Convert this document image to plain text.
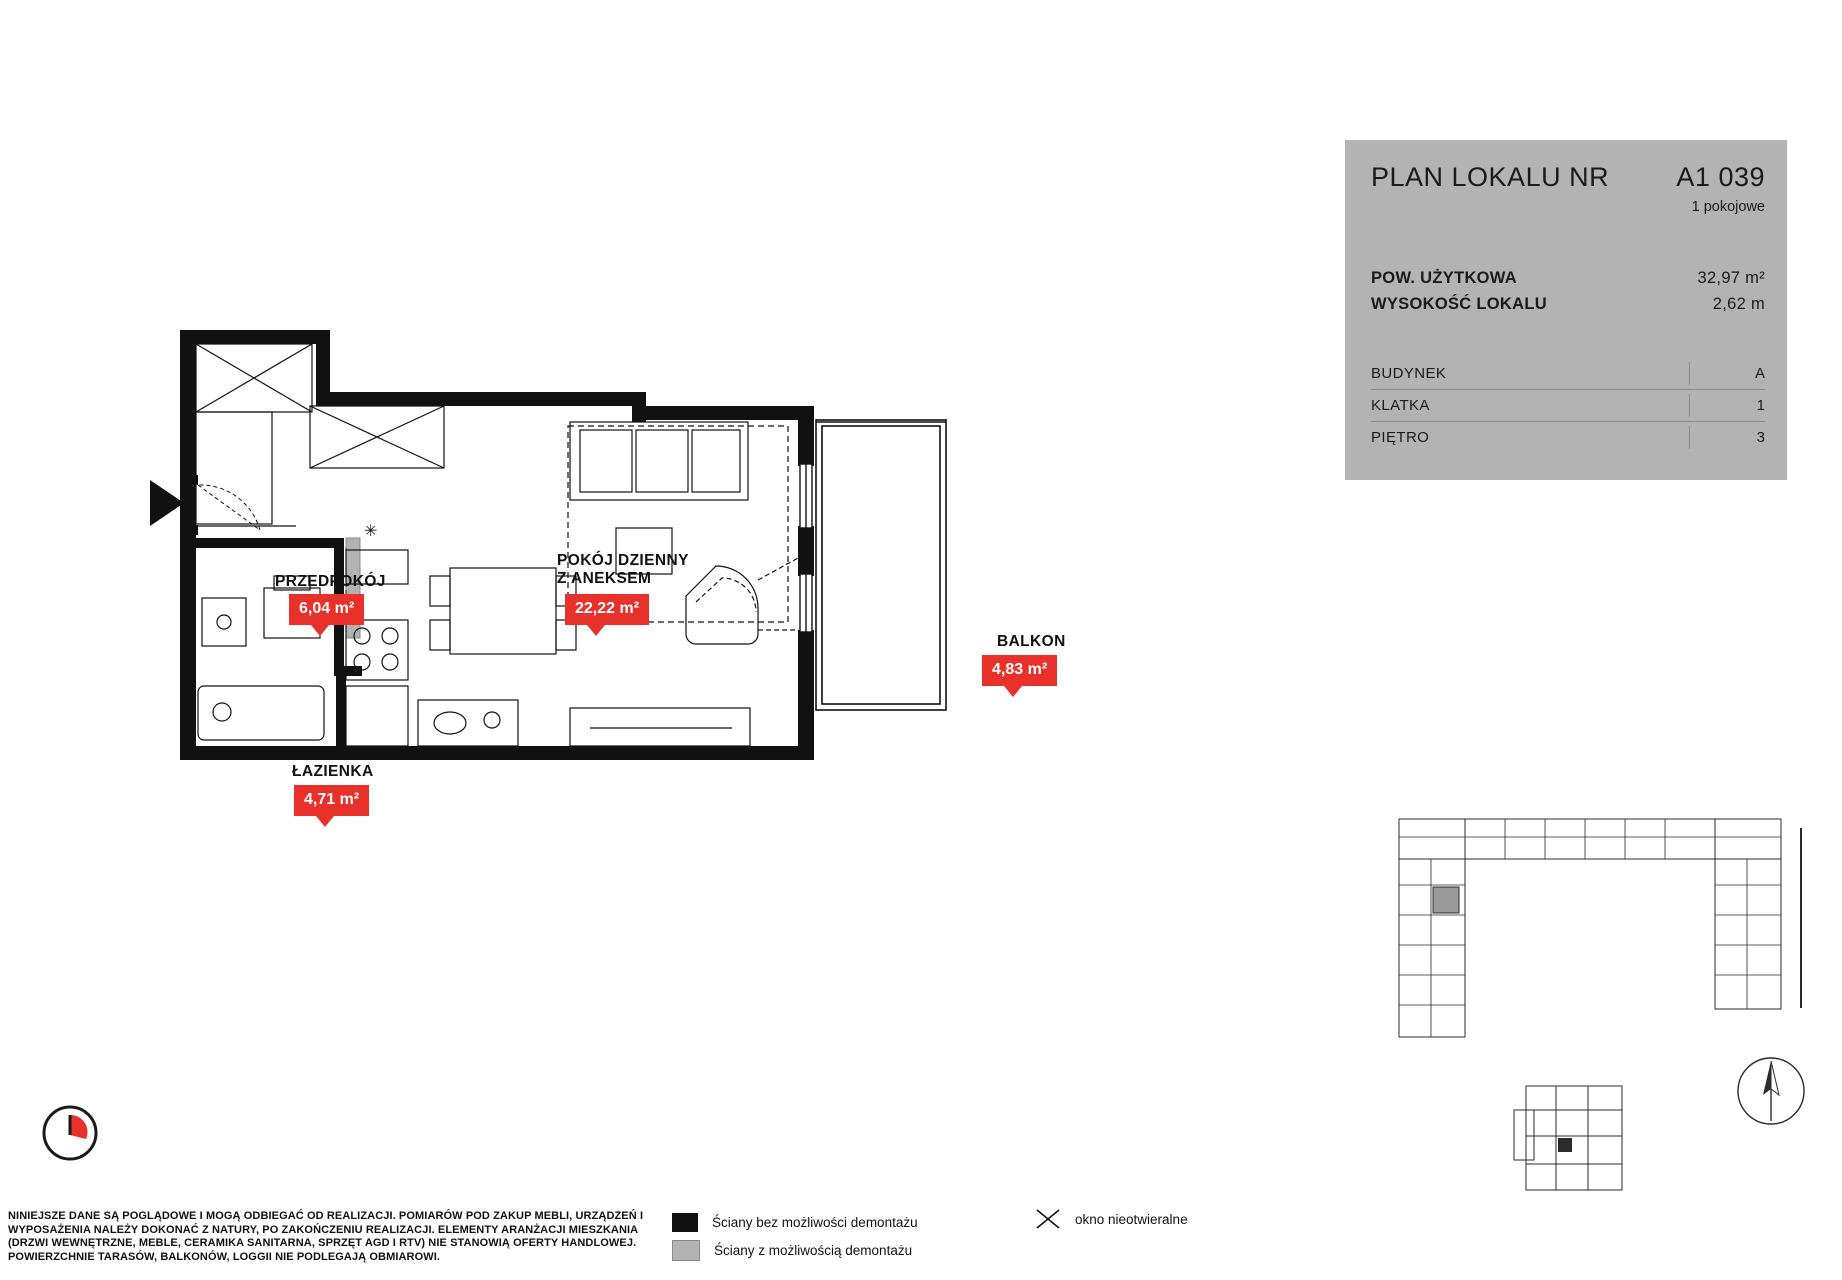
PLAN LOKALU NR A1 039
1 pokojowe
POW. UŻYTKOWA	32,97 m²
WYSOKOŚĆ LOKALU	2,62 m
BUDYNEK	A
KLATKA	1
PIĘTRO	3
✳
PRZEDPOKÓJ
6,04 m²
POKÓJ DZIENNY
Z ANEKSEM
22,22 m²
ŁAZIENKA
4,71 m²
BALKON
4,83 m²
NINIEJSZE DANE SĄ POGLĄDOWE I MOGĄ ODBIEGAĆ OD REALIZACJI. POMIARÓW POD ZAKUP MEBLI, URZĄDZEŃ I WYPOSAŻENIA NALEŻY DOKONAĆ Z NATURY, PO ZAKOŃCZENIU REALIZACJI. ELEMENTY ARANŻACJI MIESZKANIA (DRZWI WEWNĘTRZNE, MEBLE, CERAMIKA SANITARNA, SPRZĘT AGD I RTV) NIE STANOWIĄ OFERTY HANDLOWEJ. POWIERZCHNIE TARASÓW, BALKONÓW, LOGGII NIE PODLEGAJĄ OBMIAROWI.
Ściany bez możliwości demontażu
Ściany z możliwością demontażu
okno nieotwieralne
